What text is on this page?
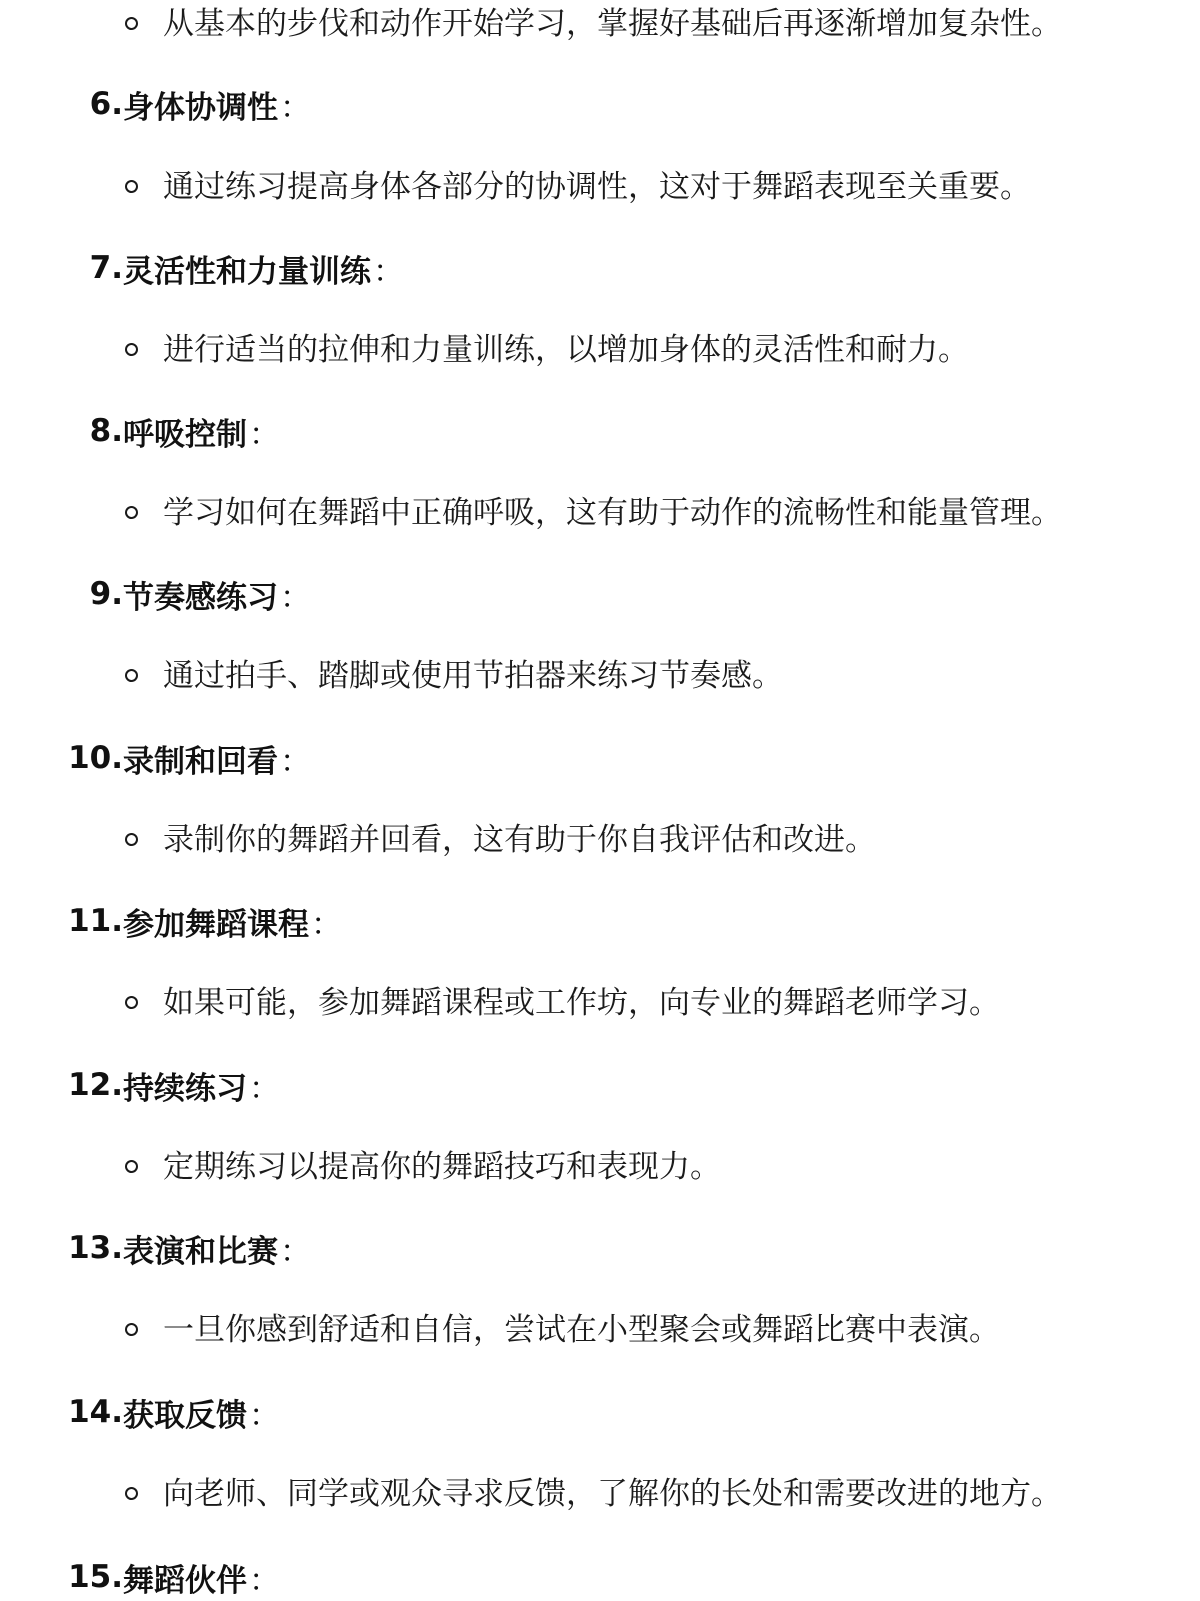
从基本的步伐和动作开始学习，掌握好基础后再逐渐增加复杂性。
6. 身体协调性：
通过练习提高身体各部分的协调性，这对于舞蹈表现至关重要。
7. 灵活性和力量训练：
进行适当的拉伸和力量训练，以增加身体的灵活性和耐力。
8. 呼吸控制：
学习如何在舞蹈中正确呼吸，这有助于动作的流畅性和能量管理。
9. 节奏感练习：
通过拍手、踏脚或使用节拍器来练习节奏感。
10. 录制和回看：
录制你的舞蹈并回看，这有助于你自我评估和改进。
11. 参加舞蹈课程：
如果可能，参加舞蹈课程或工作坊，向专业的舞蹈老师学习。
12. 持续练习：
定期练习以提高你的舞蹈技巧和表现力。
13. 表演和比赛：
一旦你感到舒适和自信，尝试在小型聚会或舞蹈比赛中表演。
14. 获取反馈：
向老师、同学或观众寻求反馈，了解你的长处和需要改进的地方。
15. 舞蹈伙伴：
